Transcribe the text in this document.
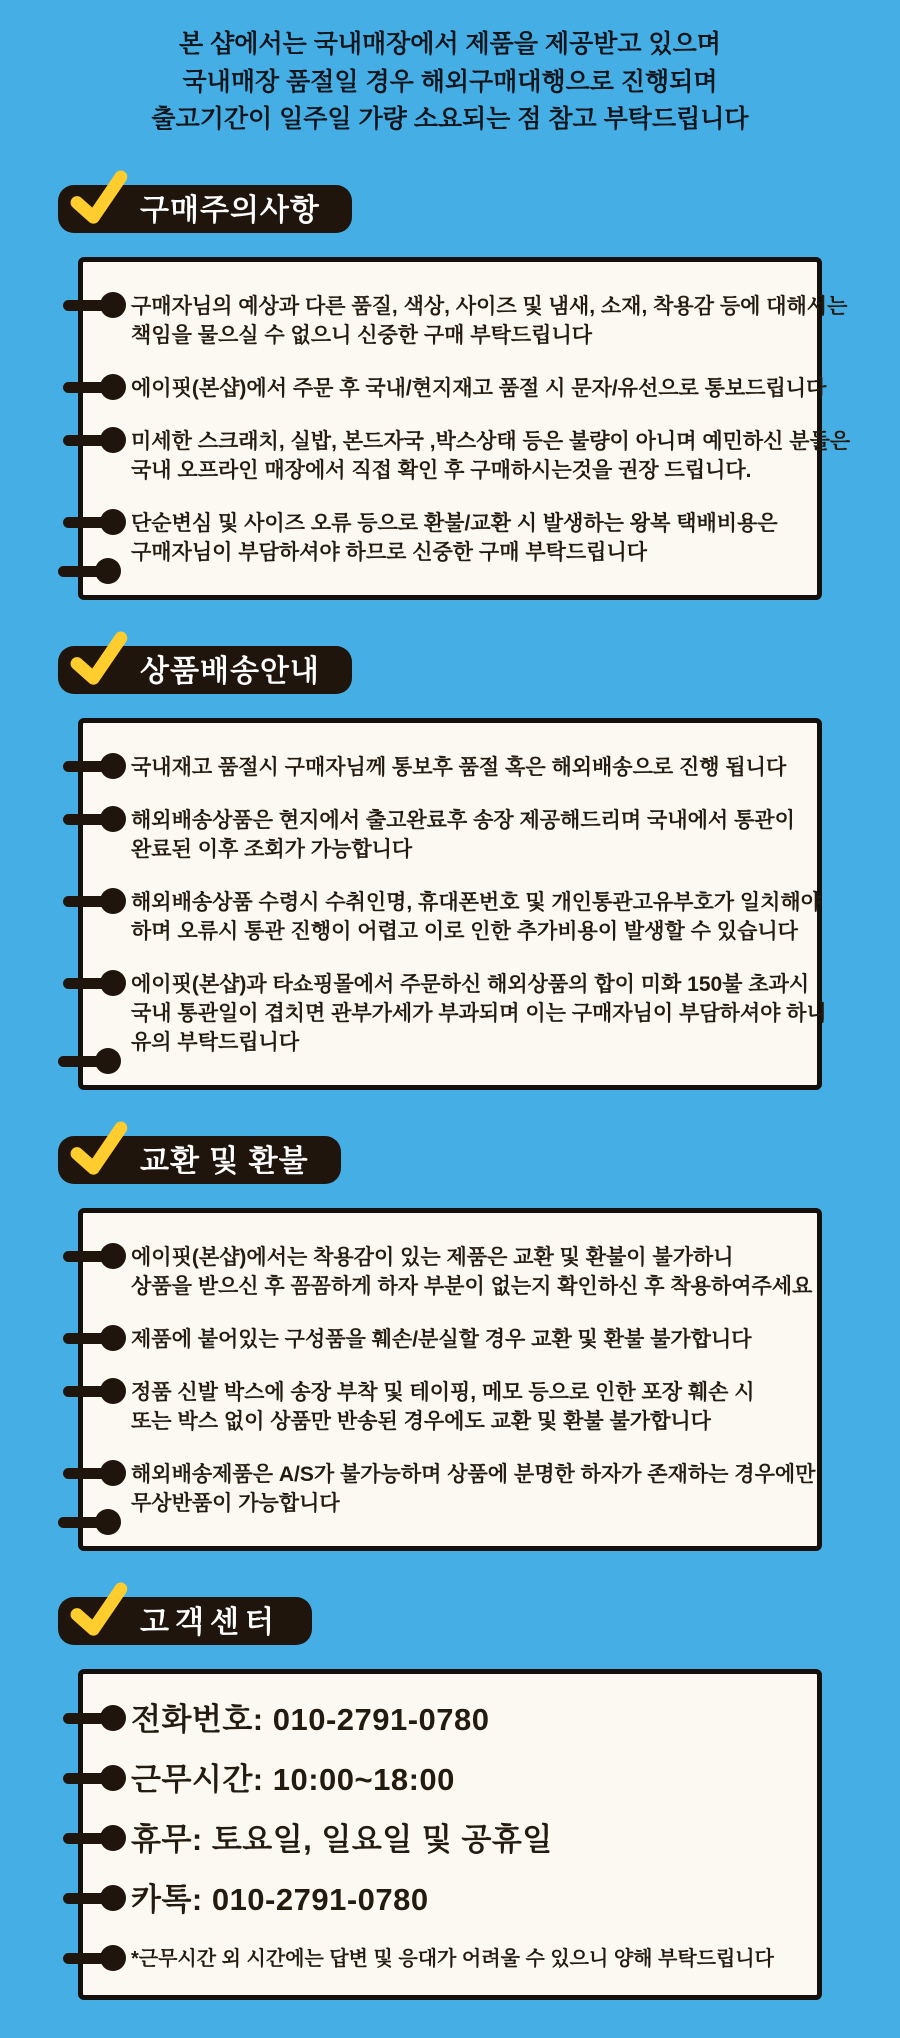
본 샵에서는 국내매장에서 제품을 제공받고 있으며
국내매장 품절일 경우 해외구매대행으로 진행되며
출고기간이 일주일 가량 소요되는 점 참고 부탁드립니다
구매주의사항
구매자님의 예상과 다른 품질, 색상, 사이즈 및 냄새, 소재, 착용감 등에 대해서는
책임을 물으실 수 없으니 신중한 구매 부탁드립니다
에이핏(본샵)에서 주문 후 국내/현지재고 품절 시 문자/유선으로 통보드립니다
미세한 스크래치, 실밥, 본드자국 ,박스상태 등은 불량이 아니며 예민하신 분들은
국내 오프라인 매장에서 직접 확인 후 구매하시는것을 권장 드립니다.
단순변심 및 사이즈 오류 등으로 환불/교환 시 발생하는 왕복 택배비용은
구매자님이 부담하셔야 하므로 신중한 구매 부탁드립니다
상품배송안내
국내재고 품절시 구매자님께 통보후 품절 혹은 해외배송으로 진행 됩니다
해외배송상품은 현지에서 출고완료후 송장 제공해드리며 국내에서 통관이
완료된 이후 조회가 가능합니다
해외배송상품 수령시 수취인명, 휴대폰번호 및 개인통관고유부호가 일치해야
하며 오류시 통관 진행이 어렵고 이로 인한 추가비용이 발생할 수 있습니다
에이핏(본샵)과 타쇼핑몰에서 주문하신 해외상품의 합이 미화 150불 초과시
국내 통관일이 겹치면 관부가세가 부과되며 이는 구매자님이 부담하셔야 하니
유의 부탁드립니다
교환 및 환불
에이핏(본샵)에서는 착용감이 있는 제품은 교환 및 환불이 불가하니
상품을 받으신 후 꼼꼼하게 하자 부분이 없는지 확인하신 후 착용하여주세요
제품에 붙어있는 구성품을 훼손/분실할 경우 교환 및 환불 불가합니다
정품 신발 박스에 송장 부착 및 테이핑, 메모 등으로 인한 포장 훼손 시
또는 박스 없이 상품만 반송된 경우에도 교환 및 환불 불가합니다
해외배송제품은 A/S가 불가능하며 상품에 분명한 하자가 존재하는 경우에만
무상반품이 가능합니다
고객센터
전화번호: 010-2791-0780
근무시간: 10:00~18:00
휴무: 토요일, 일요일 및 공휴일
카톡: 010-2791-0780
*근무시간 외 시간에는 답변 및 응대가 어려울 수 있으니 양해 부탁드립니다
